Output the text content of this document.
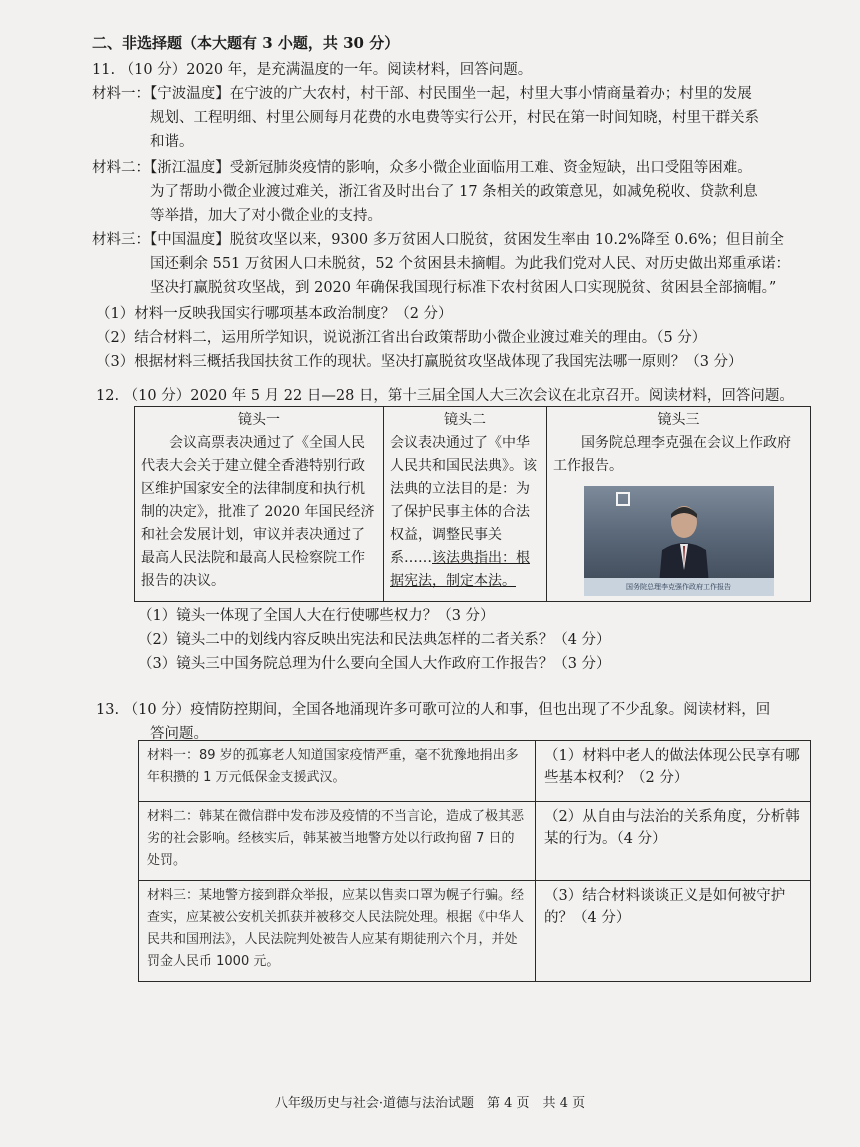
二、非选择题（本大题有 3 小题，共 30 分）
11. （10 分）2020 年，是充满温度的一年。阅读材料，回答问题。
材料一：【宁波温度】在宁波的广大农村，村干部、村民围坐一起，村里大事小情商量着办；村里的发展
规划、工程明细、村里公厕每月花费的水电费等实行公开，村民在第一时间知晓，村里干群关系
和谐。
材料二：【浙江温度】受新冠肺炎疫情的影响，众多小微企业面临用工难、资金短缺，出口受阻等困难。
为了帮助小微企业渡过难关，浙江省及时出台了 17 条相关的政策意见，如减免税收、贷款利息
等举措，加大了对小微企业的支持。
材料三：【中国温度】脱贫攻坚以来，9300 多万贫困人口脱贫，贫困发生率由 10.2%降至 0.6%；但目前全
国还剩余 551 万贫困人口未脱贫，52 个贫困县未摘帽。为此我们党对人民、对历史做出郑重承诺：
坚决打赢脱贫攻坚战，到 2020 年确保我国现行标准下农村贫困人口实现脱贫、贫困县全部摘帽。”
（1）材料一反映我国实行哪项基本政治制度？（2 分）
（2）结合材料二，运用所学知识，说说浙江省出台政策帮助小微企业渡过难关的理由。（5 分）
（3）根据材料三概括我国扶贫工作的现状。坚决打赢脱贫攻坚战体现了我国宪法哪一原则？（3 分）
12. （10 分）2020 年 5 月 22 日—28 日，第十三届全国人大三次会议在北京召开。阅读材料，回答问题。
镜头一
会议高票表决通过了《全国人民代表大会关于建立健全香港特别行政区维护国家安全的法律制度和执行机制的决定》，批准了 2020 年国民经济和社会发展计划，审议并表决通过了最高人民法院和最高人民检察院工作报告的决议。

镜头二
会议表决通过了《中华人民共和国民法典》。该法典的立法目的是：为了保护民事主体的合法权益，调整民事关系……该法典指出：根据宪法，制定本法。

镜头三
国务院总理李克强在会议上作政府工作报告。
国务院总理李克强作政府工作报告
（1）镜头一体现了全国人大在行使哪些权力？（3 分）
（2）镜头二中的划线内容反映出宪法和民法典怎样的二者关系？（4 分）
（3）镜头三中国务院总理为什么要向全国人大作政府工作报告？（3 分）
13. （10 分）疫情防控期间，全国各地涌现许多可歌可泣的人和事，但也出现了不少乱象。阅读材料，回
答问题。
材料一：89 岁的孤寡老人知道国家疫情严重，毫不犹豫地捐出多年积攒的 1 万元低保金支援武汉。	（1）材料中老人的做法体现公民享有哪些基本权利？（2 分）
材料二：韩某在微信群中发布涉及疫情的不当言论，造成了极其恶劣的社会影响。经核实后，韩某被当地警方处以行政拘留 7 日的处罚。	（2）从自由与法治的关系角度，分析韩某的行为。（4 分）
材料三：某地警方接到群众举报，应某以售卖口罩为幌子行骗。经查实，应某被公安机关抓获并被移交人民法院处理。根据《中华人民共和国刑法》，人民法院判处被告人应某有期徒刑六个月，并处罚金人民币 1000 元。	（3）结合材料谈谈正义是如何被守护的？（4 分）
八年级历史与社会·道德与法治试题　第 4 页　共 4 页
